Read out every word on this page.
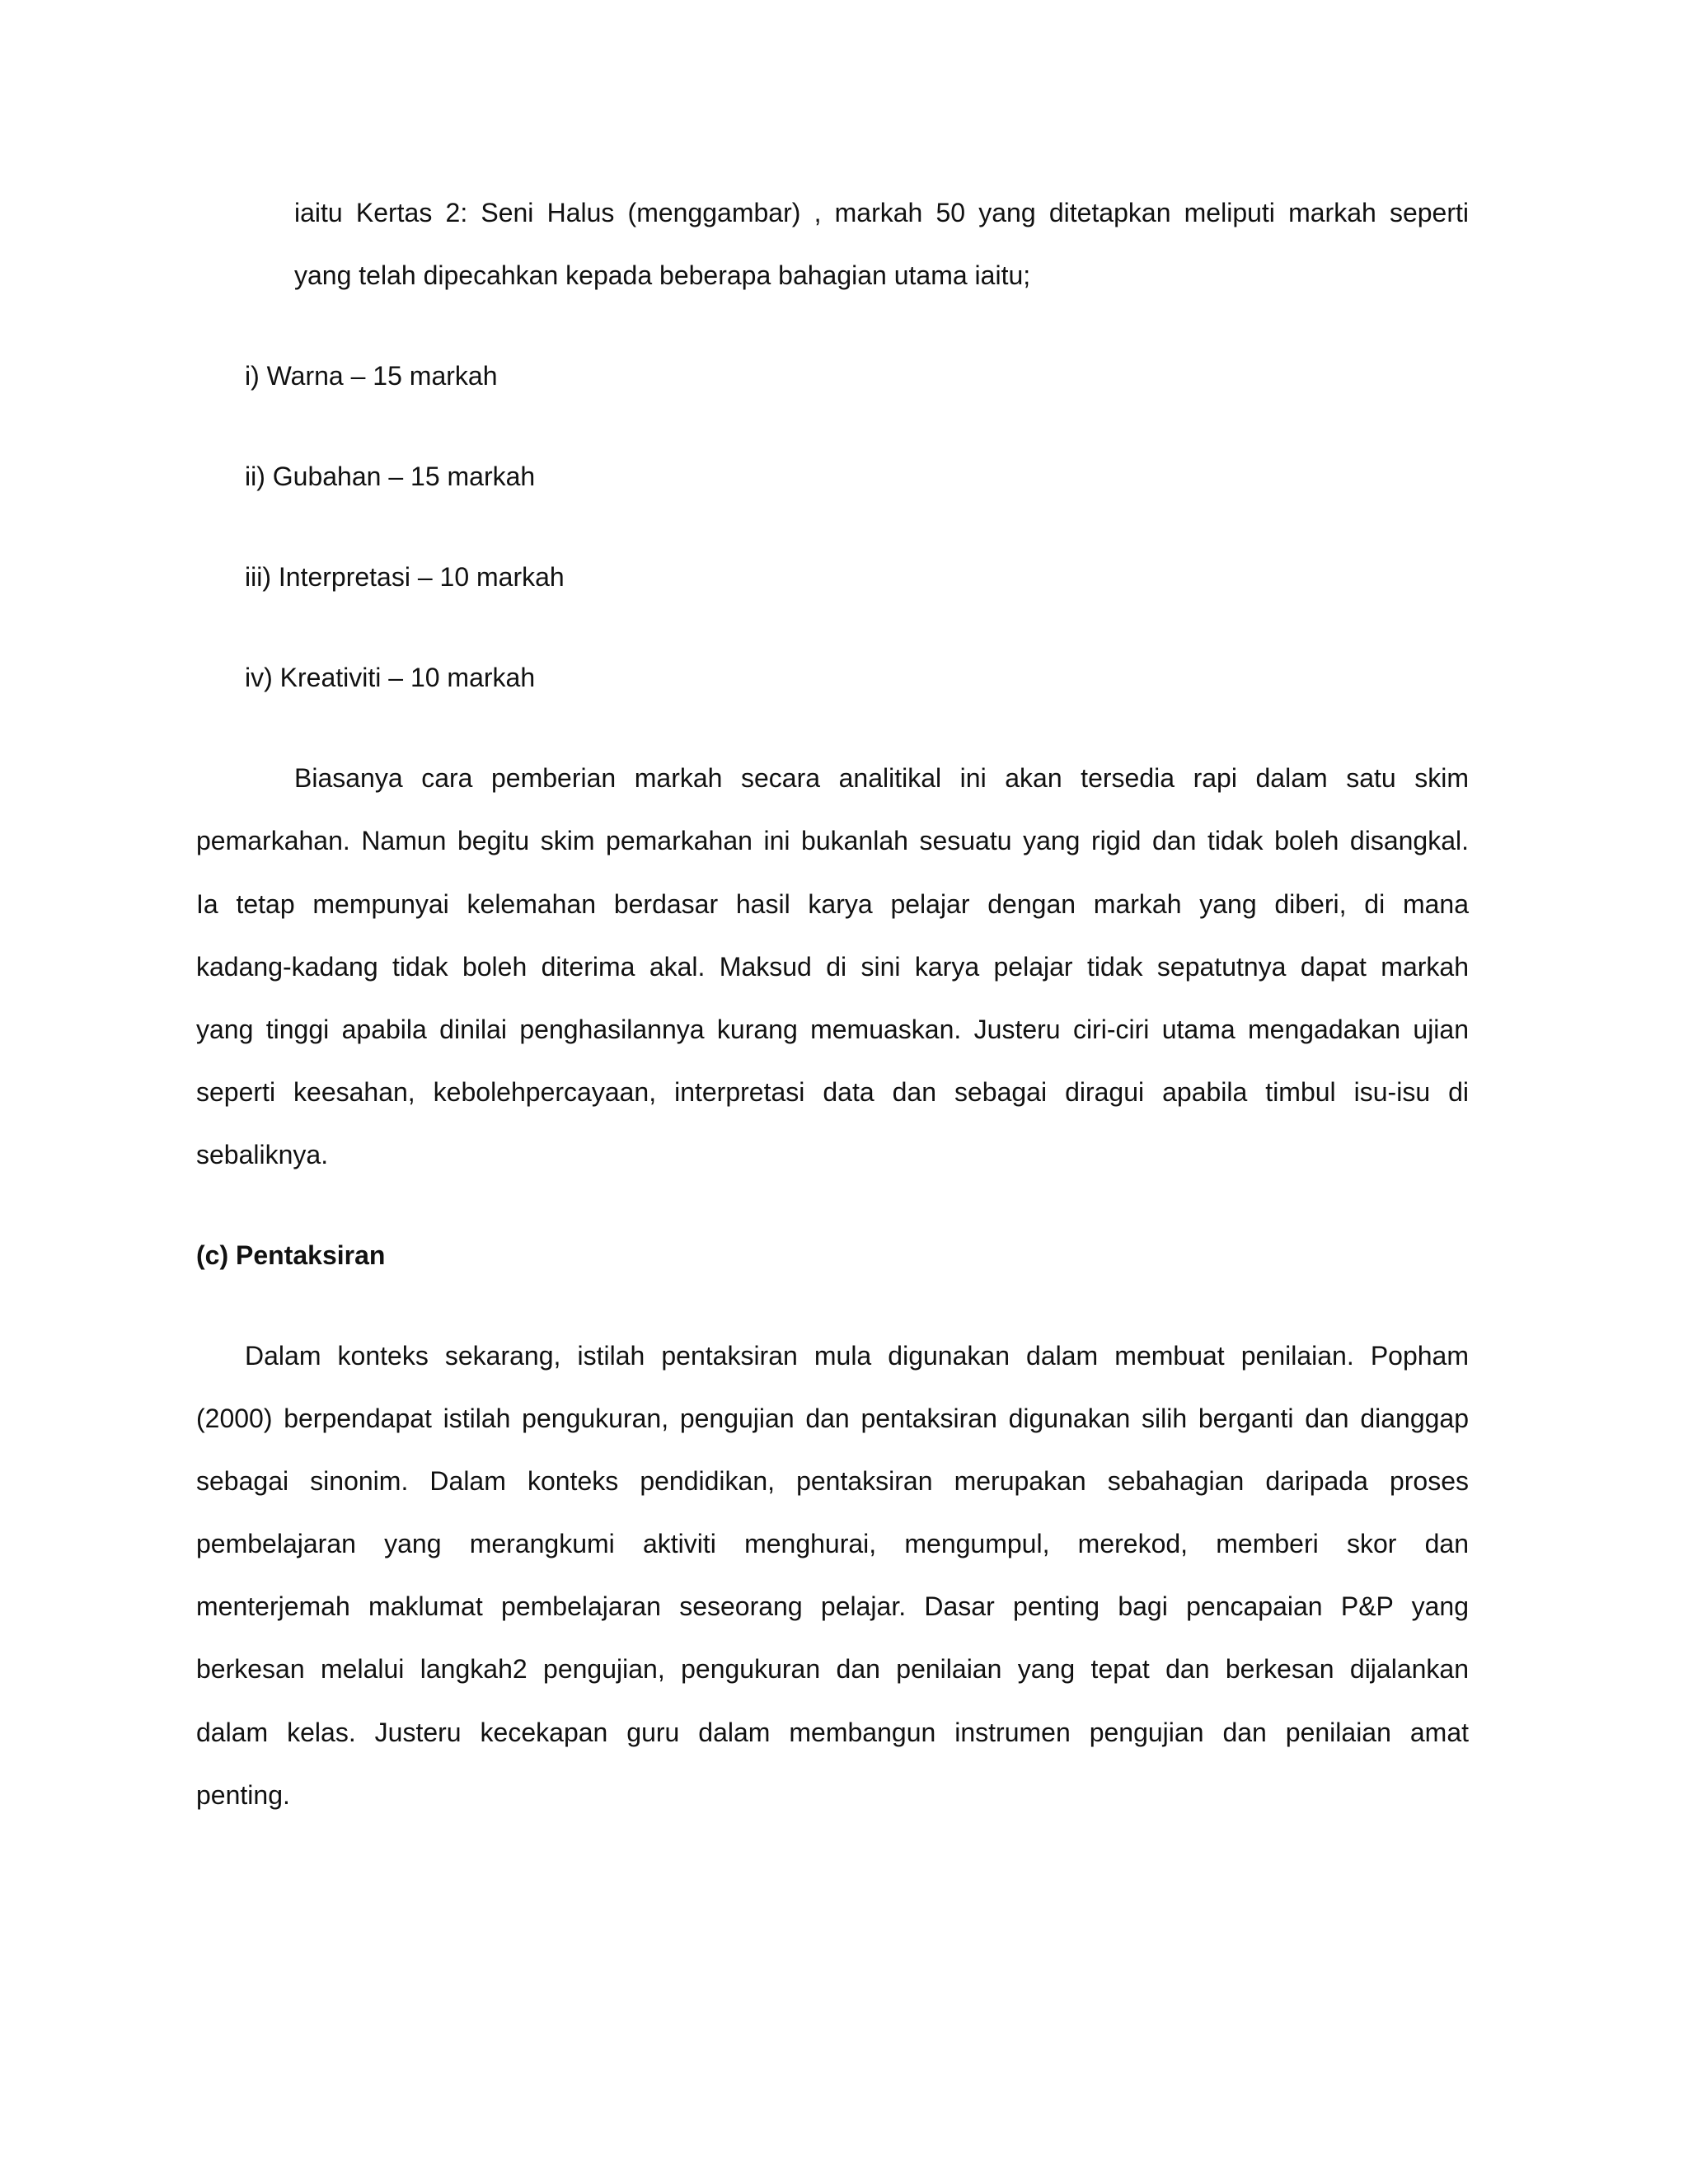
iaitu Kertas 2: Seni Halus (menggambar) , markah 50 yang ditetapkan meliputi markah seperti
yang telah dipecahkan kepada beberapa bahagian utama iaitu;
i) Warna – 15 markah
ii) Gubahan – 15 markah
iii) Interpretasi – 10 markah
iv) Kreativiti – 10 markah
Biasanya cara pemberian markah secara analitikal ini akan tersedia rapi dalam satu skim
pemarkahan. Namun begitu skim pemarkahan ini bukanlah sesuatu yang rigid dan tidak boleh disangkal.
Ia tetap mempunyai kelemahan berdasar hasil karya pelajar dengan markah yang diberi, di mana
kadang-kadang tidak boleh diterima akal. Maksud di sini karya pelajar tidak sepatutnya dapat markah
yang tinggi apabila dinilai penghasilannya kurang memuaskan. Justeru ciri-ciri utama mengadakan ujian
seperti keesahan, kebolehpercayaan, interpretasi data dan sebagai diragui apabila timbul isu-isu di
sebaliknya.
(c) Pentaksiran
Dalam konteks sekarang, istilah pentaksiran mula digunakan dalam membuat penilaian. Popham
(2000) berpendapat istilah pengukuran, pengujian dan pentaksiran digunakan silih berganti dan dianggap
sebagai sinonim. Dalam konteks pendidikan, pentaksiran merupakan sebahagian daripada proses
pembelajaran yang merangkumi aktiviti menghurai, mengumpul, merekod, memberi skor dan
menterjemah maklumat pembelajaran seseorang pelajar. Dasar penting bagi pencapaian P&P yang
berkesan melalui langkah2 pengujian, pengukuran dan penilaian yang tepat dan berkesan dijalankan
dalam kelas. Justeru kecekapan guru dalam membangun instrumen pengujian dan penilaian amat
penting.
